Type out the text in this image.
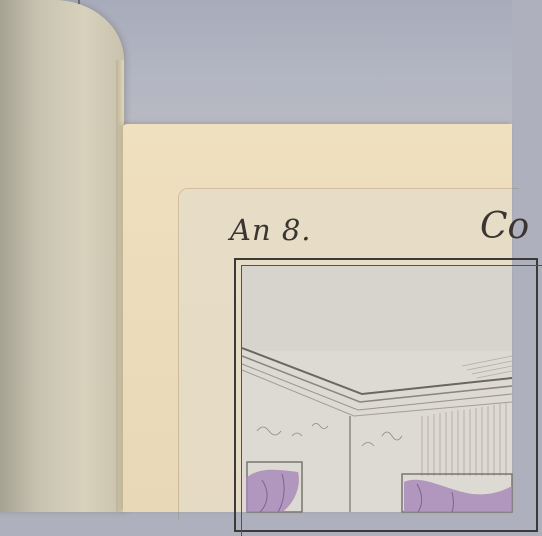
An 8.	Co
